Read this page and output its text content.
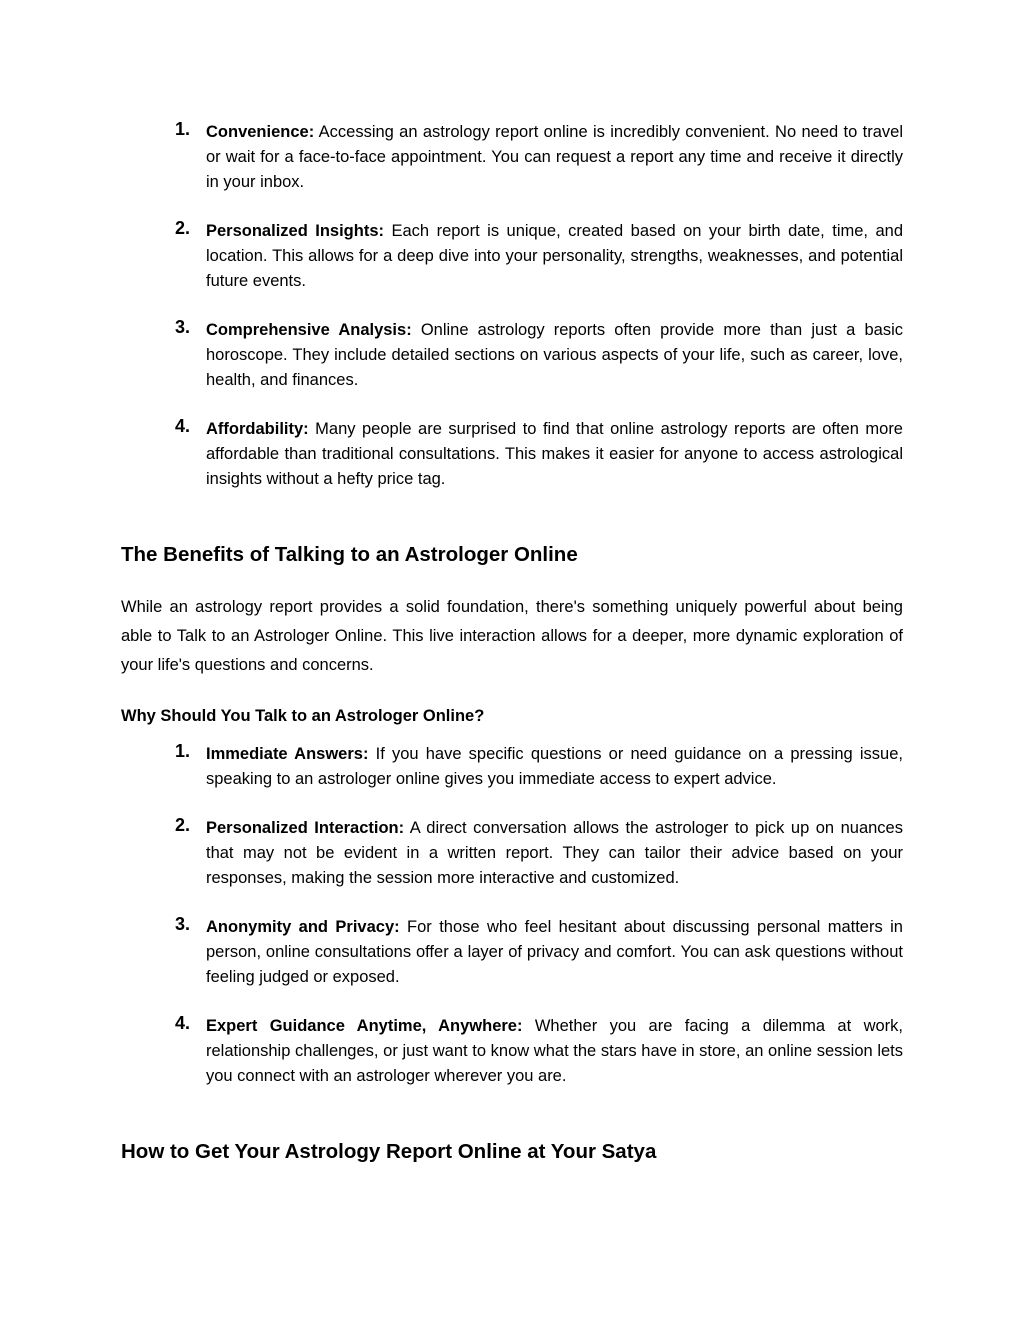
1. Convenience: Accessing an astrology report online is incredibly convenient. No need to travel or wait for a face-to-face appointment. You can request a report any time and receive it directly in your inbox.
2. Personalized Insights: Each report is unique, created based on your birth date, time, and location. This allows for a deep dive into your personality, strengths, weaknesses, and potential future events.
3. Comprehensive Analysis: Online astrology reports often provide more than just a basic horoscope. They include detailed sections on various aspects of your life, such as career, love, health, and finances.
4. Affordability: Many people are surprised to find that online astrology reports are often more affordable than traditional consultations. This makes it easier for anyone to access astrological insights without a hefty price tag.
The Benefits of Talking to an Astrologer Online

While an astrology report provides a solid foundation, there's something uniquely powerful about being able to Talk to an Astrologer Online. This live interaction allows for a deeper, more dynamic exploration of your life's questions and concerns.

Why Should You Talk to an Astrologer Online?
1. Immediate Answers: If you have specific questions or need guidance on a pressing issue, speaking to an astrologer online gives you immediate access to expert advice.
2. Personalized Interaction: A direct conversation allows the astrologer to pick up on nuances that may not be evident in a written report. They can tailor their advice based on your responses, making the session more interactive and customized.
3. Anonymity and Privacy: For those who feel hesitant about discussing personal matters in person, online consultations offer a layer of privacy and comfort. You can ask questions without feeling judged or exposed.
4. Expert Guidance Anytime, Anywhere: Whether you are facing a dilemma at work, relationship challenges, or just want to know what the stars have in store, an online session lets you connect with an astrologer wherever you are.
How to Get Your Astrology Report Online at Your Satya
